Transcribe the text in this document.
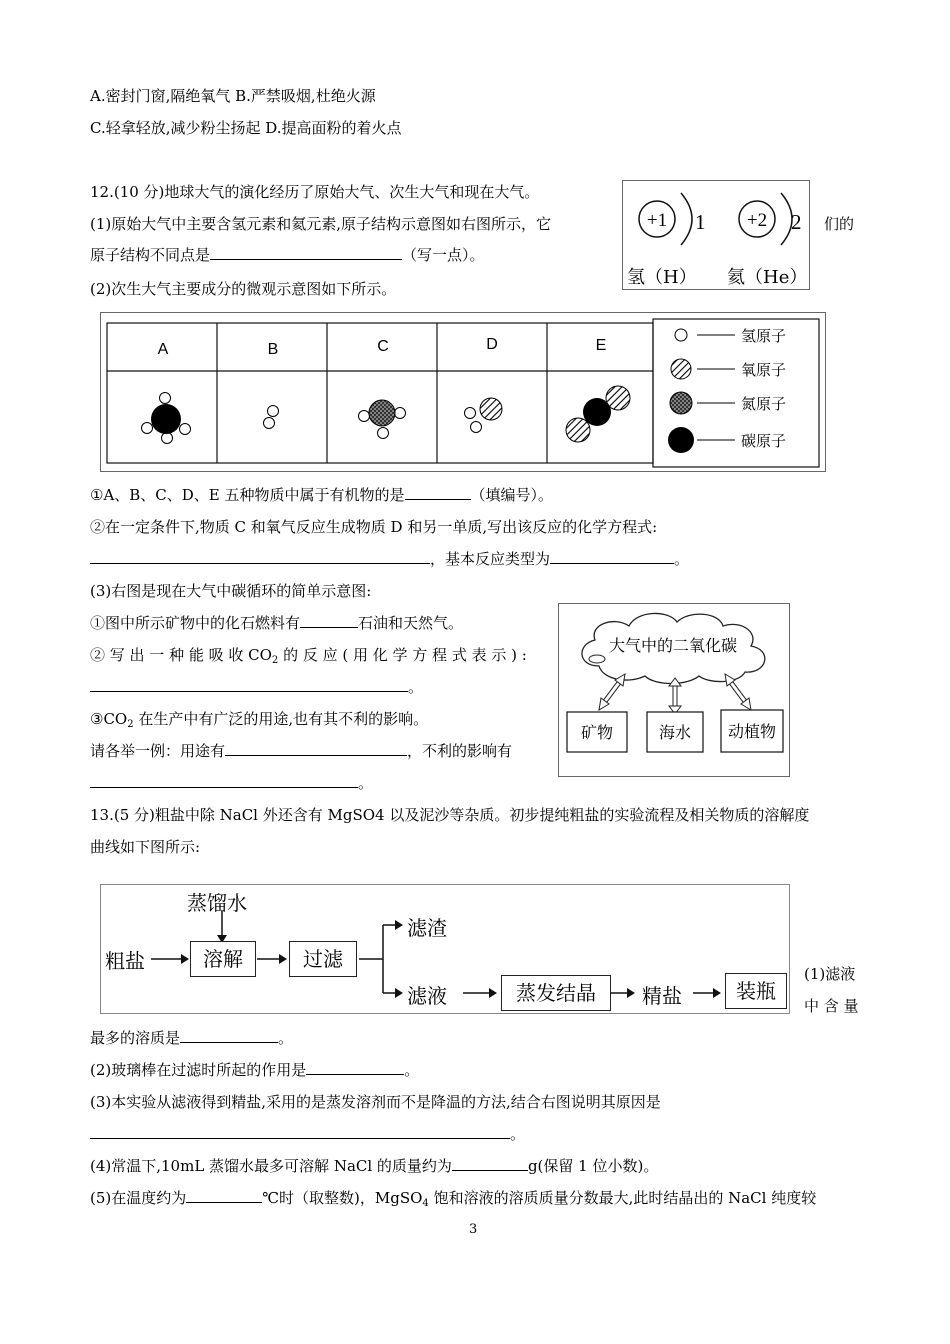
A.密封门窗,隔绝氧气 B.严禁吸烟,杜绝火源
C.轻拿轻放,减少粉尘扬起 D.提高面粉的着火点
12.(10 分)地球大气的演化经历了原始大气、次生大气和现在大气。
(1)原始大气中主要含氢元素和氦元素,原子结构示意图如右图所示，它	们的
原子结构不同点是	（写一点）。
(2)次生大气主要成分的微观示意图如下所示。
+1 1 +2 2
氢（H） 氦（He）
A	B	C	D	E
氢原子
氧原子
氮原子
碳原子
①A、B、C、D、E 五种物质中属于有机物的是	（填编号）。
②在一定条件下,物质 C 和氧气反应生成物质 D 和另一单质,写出该反应的化学方程式:
，基本反应类型为	。
(3)右图是现在大气中碳循环的简单示意图:
①图中所示矿物中的化石燃料有	石油和天然气。
② 写 出 一 种 能 吸 收 $CO_2$ 的 反 应 ( 用 化 学 方 程 式 表 示 ) :
。
$③CO_2$ 在生产中有广泛的用途,也有其不利的影响。
请各举一例：用途有	，不利的影响有
。
大气中的二氧化碳
矿物	海水 动植物
13.(5 分)粗盐中除 NaCl 外还含有 MgSO4 以及泥沙等杂质。初步提纯粗盐的实验流程及相关物质的溶解度
曲线如下图所示:
蒸馏水
粗盐	溶解	过滤
滤渣
滤液	蒸发结晶	精盐	装瓶
(1)滤液
中 含 量
最多的溶质是	。
(2)玻璃棒在过滤时所起的作用是	。
(3)本实验从滤液得到精盐,采用的是蒸发溶剂而不是降温的方法,结合右图说明其原因是
。
(4)常温下,10mL 蒸馏水最多可溶解 NaCl 的质量约为	g(保留 1 位小数)。
(5)在温度约为	℃时（取整数)，MgSO$_4$ 饱和溶液的溶质质量分数最大,此时结晶出的 NaCl 纯度较
3
